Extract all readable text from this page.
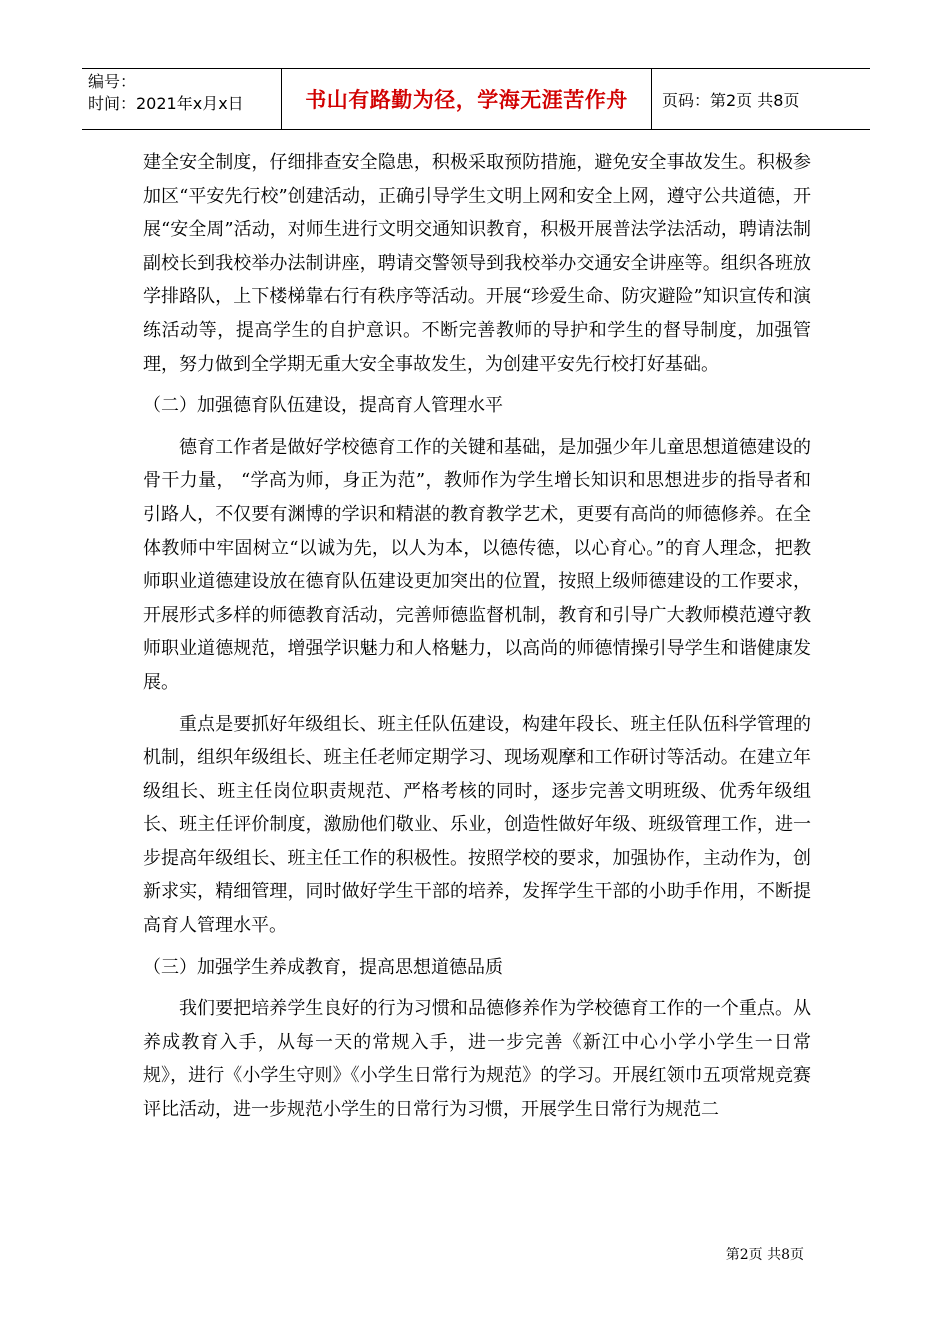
编号：
时间：2021年x月x日	书山有路勤为径，学海无涯苦作舟	页码：第2页 共8页

建全安全制度，仔细排查安全隐患，积极采取预防措施，避免安全事故发生。积极参加区“平安先行校”创建活动，正确引导学生文明上网和安全上网，遵守公共道德，开展“安全周”活动，对师生进行文明交通知识教育，积极开展普法学法活动，聘请法制副校长到我校举办法制讲座，聘请交警领导到我校举办交通安全讲座等。组织各班放学排路队，上下楼梯靠右行有秩序等活动。开展“珍爱生命、防灾避险”知识宣传和演练活动等，提高学生的自护意识。不断完善教师的导护和学生的督导制度，加强管理，努力做到全学期无重大安全事故发生，为创建平安先行校打好基础。

（二）加强德育队伍建设，提高育人管理水平

德育工作者是做好学校德育工作的关键和基础，是加强少年儿童思想道德建设的骨干力量， “学高为师，身正为范”，教师作为学生增长知识和思想进步的指导者和引路人，不仅要有渊博的学识和精湛的教育教学艺术，更要有高尚的师德修养。在全体教师中牢固树立“以诚为先，以人为本，以德传德，以心育心。”的育人理念，把教师职业道德建设放在德育队伍建设更加突出的位置，按照上级师德建设的工作要求，开展形式多样的师德教育活动，完善师德监督机制，教育和引导广大教师模范遵守教师职业道德规范，增强学识魅力和人格魅力，以高尚的师德情操引导学生和谐健康发展。

重点是要抓好年级组长、班主任队伍建设，构建年段长、班主任队伍科学管理的机制，组织年级组长、班主任老师定期学习、现场观摩和工作研讨等活动。在建立年级组长、班主任岗位职责规范、严格考核的同时，逐步完善文明班级、优秀年级组长、班主任评价制度，激励他们敬业、乐业，创造性做好年级、班级管理工作，进一步提高年级组长、班主任工作的积极性。按照学校的要求，加强协作，主动作为，创新求实，精细管理，同时做好学生干部的培养，发挥学生干部的小助手作用，不断提高育人管理水平。

（三）加强学生养成教育，提高思想道德品质

我们要把培养学生良好的行为习惯和品德修养作为学校德育工作的一个重点。从养成教育入手，从每一天的常规入手，进一步完善《新江中心小学小学生一日常规》，进行《小学生守则》《小学生日常行为规范》的学习。开展红领巾五项常规竞赛评比活动，进一步规范小学生的日常行为习惯，开展学生日常行为规范二

第2页 共8页
